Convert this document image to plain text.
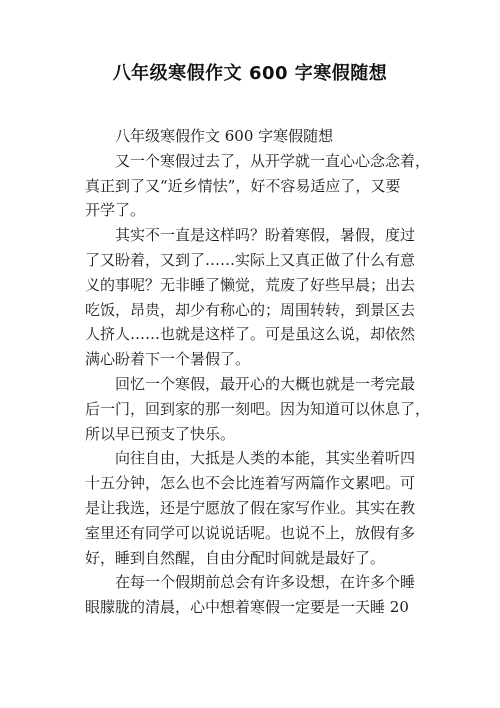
八年级寒假作文 600 字寒假随想
八年级寒假作文 600 字寒假随想
又一个寒假过去了，从开学就一直心心念念着，
真正到了又“近乡情怯”，好不容易适应了，又要
开学了。
其实不一直是这样吗？盼着寒假，暑假，度过
了又盼着，又到了……实际上又真正做了什么有意
义的事呢？无非睡了懒觉，荒废了好些早晨；出去
吃饭，昂贵，却少有称心的；周围转转，到景区去
人挤人……也就是这样了。可是虽这么说，却依然
满心盼着下一个暑假了。
回忆一个寒假，最开心的大概也就是一考完最
后一门，回到家的那一刻吧。因为知道可以休息了，
所以早已预支了快乐。
向往自由，大抵是人类的本能，其实坐着听四
十五分钟，怎么也不会比连着写两篇作文累吧。可
是让我选，还是宁愿放了假在家写作业。其实在教
室里还有同学可以说说话呢。也说不上，放假有多
好，睡到自然醒，自由分配时间就是最好了。
在每一个假期前总会有许多设想，在许多个睡
眼朦胧的清晨，心中想着寒假一定要是一天睡 20
